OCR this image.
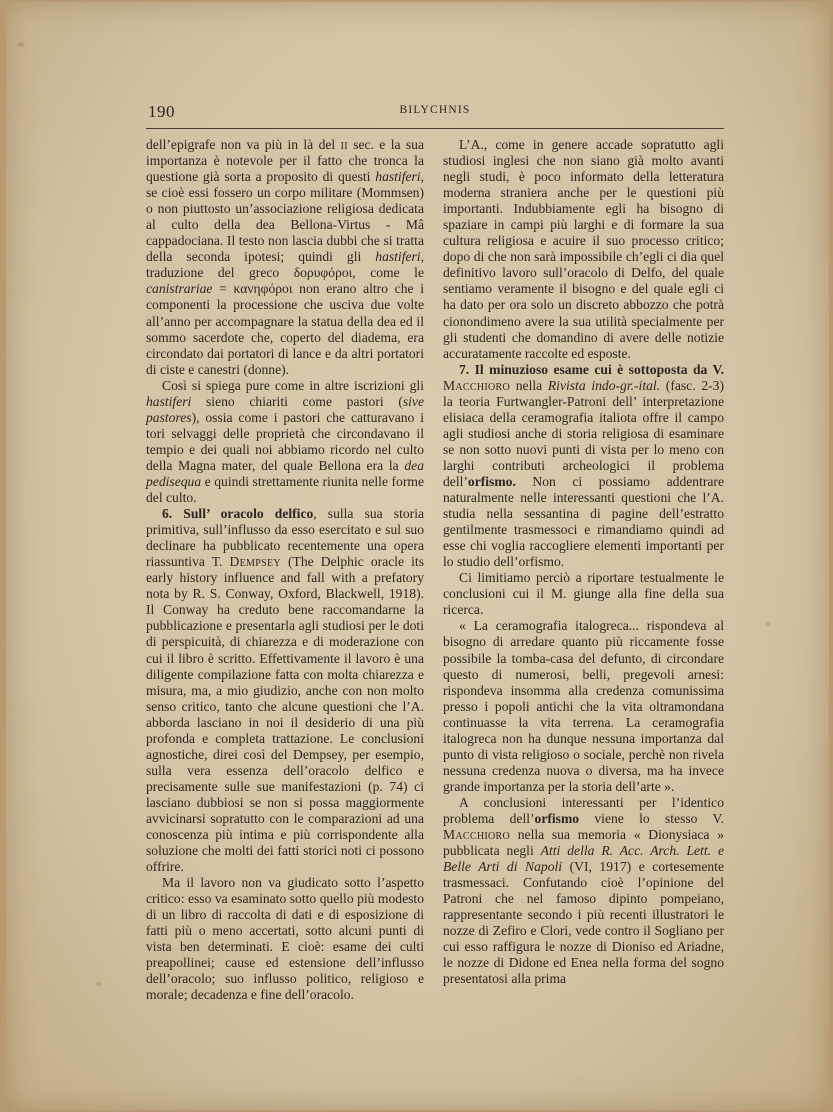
190	BILYCHNIS

dell’epigrafe non va più in là del ii sec. e la sua importanza è notevole per il fatto che tronca la questione già sorta a proposito di questi hastiferi, se cioè essi fossero un corpo militare (Mommsen) o non piuttosto un’associazione religiosa dedicata al culto della dea Bellona-Virtus - Mâ cappadociana. Il testo non lascia dubbi che si tratta della seconda ipotesi; quindi gli hastiferi, traduzione del greco δορυφόροι, come le canistrariae = κανηφόροι non erano altro che i componenti la processione che usciva due volte all’anno per accompagnare la statua della dea ed il sommo sacerdote che, coperto del diadema, era circondato dai portatori di lance e da altri portatori di ciste e canestri (donne).

Così si spiega pure come in altre iscrizioni gli hastiferi sieno chiariti come pastori (sive pastores), ossia come i pastori che catturavano i tori selvaggi delle proprietà che circondavano il tempio e dei quali noi abbiamo ricordo nel culto della Magna mater, del quale Bellona era la dea pedisequa e quindi strettamente riunita nelle forme del culto.

6. Sull’ oracolo delfico, sulla sua storia primitiva, sull’influsso da esso esercitato e sul suo declinare ha pubblicato recentemente una opera riassuntiva T. Dempsey (The Delphic oracle its early history influence and fall with a prefatory nota by R. S. Conway, Oxford, Blackwell, 1918). Il Conway ha creduto bene raccomandarne la pubblicazione e presentarla agli studiosi per le doti di perspicuità, di chiarezza e di moderazione con cui il libro è scritto. Effettivamente il lavoro è una diligente compilazione fatta con molta chiarezza e misura, ma, a mio giudizio, anche con non molto senso critico, tanto che alcune questioni che l’A. abborda lasciano in noi il desiderio di una più profonda e completa trattazione. Le conclusioni agnostiche, direi così del Dempsey, per esempio, sulla vera essenza dell’oracolo delfico e precisamente sulle sue manifestazioni (p. 74) ci lasciano dubbiosi se non si possa maggiormente avvicinarsi sopratutto con le comparazioni ad una conoscenza più intima e più corrispondente alla soluzione che molti dei fatti storici noti ci possono offrire.

Ma il lavoro non va giudicato sotto l’aspetto critico: esso va esaminato sotto quello più modesto di un libro di raccolta di dati e di esposizione di fatti più o meno accertati, sotto alcuni punti di vista ben determinati. E cioè: esame dei culti preapollinei; cause ed estensione dell’influsso dell’oracolo; suo influsso politico, religioso e morale; decadenza e fine dell’oracolo.

L’A., come in genere accade sopratutto agli studiosi inglesi che non siano già molto avanti negli studi, è poco informato della letteratura moderna straniera anche per le questioni più importanti. Indubbiamente egli ha bisogno di spaziare in campi più larghi e di formare la sua cultura religiosa e acuire il suo processo critico; dopo di che non sarà impossibile ch’egli ci dia quel definitivo lavoro sull’oracolo di Delfo, del quale sentiamo veramente il bisogno e del quale egli ci ha dato per ora solo un discreto abbozzo che potrà cionondimeno avere la sua utilità specialmente per gli studenti che domandino di avere delle notizie accuratamente raccolte ed esposte.

7. Il minuzioso esame cui è sottoposta da V. Macchioro nella Rivista indo-gr.-ital. (fasc. 2-3) la teoria Furtwangler-Patroni dell’ interpretazione elisiaca della ceramografia italiota offre il campo agli studiosi anche di storia religiosa di esaminare se non sotto nuovi punti di vista per lo meno con larghi contributi archeologici il problema dell’orfismo. Non ci possiamo addentrare naturalmente nelle interessanti questioni che l’A. studia nella sessantina di pagine dell’estratto gentilmente trasmessoci e rimandiamo quindi ad esse chi voglia raccogliere elementi importanti per lo studio dell’orfismo.

Ci limitiamo perciò a riportare testualmente le conclusioni cui il M. giunge alla fine della sua ricerca.

« La ceramografia italogreca... rispondeva al bisogno di arredare quanto più riccamente fosse possibile la tomba-casa del defunto, di circondare questo di numerosi, belli, pregevoli arnesi: rispondeva insomma alla credenza comunissima presso i popoli antichi che la vita oltramondana continuasse la vita terrena. La ceramografia italogreca non ha dunque nessuna importanza dal punto di vista religioso o sociale, perchè non rivela nessuna credenza nuova o diversa, ma ha invece grande importanza per la storia dell’arte ».

A conclusioni interessanti per l’identico problema dell’orfismo viene lo stesso V. Macchioro nella sua memoria « Dionysiaca » pubblicata negli Atti della R. Acc. Arch. Lett. e Belle Arti di Napoli (VI, 1917) e cortesemente trasmessaci. Confutando cioè l’opinione del Patroni che nel famoso dipinto pompeiano, rappresentante secondo i più recenti illustratori le nozze di Zefiro e Clori, vede contro il Sogliano per cui esso raffigura le nozze di Dioniso ed Ariadne, le nozze di Didone ed Enea nella forma del sogno presentatosi alla prima
